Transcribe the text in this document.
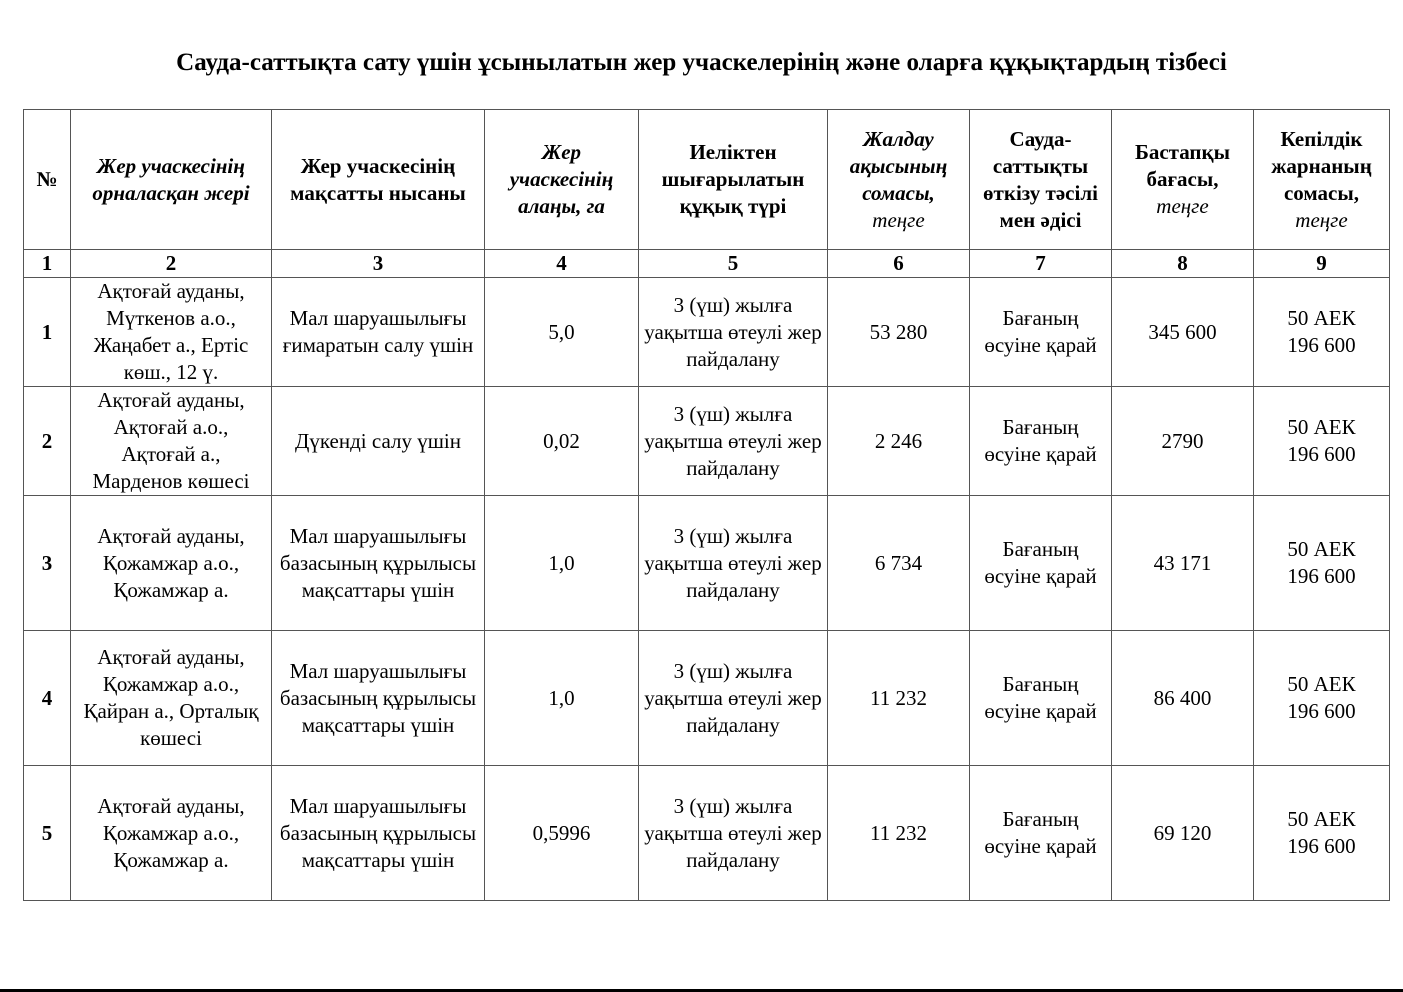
Сауда-саттықта сату үшін ұсынылатын жер учаскелерінің және оларға құқықтардың тізбесі
№	Жер учаскесінің орналасқан жері	Жер учаскесінің мақсатты нысаны	Жер учаскесінің алаңы, га	Иеліктен шығарылатын құқық түрі	Жалдау ақысының сомасы,
теңге	Сауда-саттықты өткізу тәсілі мен әдісі	Бастапқы бағасы,
теңге	Кепілдік жарнаның сомасы,
теңге

1	2	3	4	5	6	7	8	9
1	Ақтоғай ауданы, Мүткенов а.о., Жаңабет а., Ертіс көш., 12 ү.	Мал шаруашылығы ғимаратын салу үшін	5,0	3 (үш) жылға уақытша өтеулі жер пайдалану	53 280	Бағаның өсуіне қарай	345 600	50 АЕК
196 600

2	Ақтоғай ауданы, Ақтоғай а.о., Ақтоғай а., Марденов көшесі	Дүкенді салу үшін	0,02	3 (үш) жылға уақытша өтеулі жер пайдалану	2 246	Бағаның өсуіне қарай	2790	50 АЕК
196 600

3	Ақтоғай ауданы, Қожамжар а.о., Қожамжар а.	Мал шаруашылығы базасының құрылысы мақсаттары үшін	1,0	3 (үш) жылға уақытша өтеулі жер пайдалану	6 734	Бағаның өсуіне қарай	43 171	50 АЕК
196 600

4	Ақтоғай ауданы, Қожамжар а.о., Қайран а., Орталық көшесі	Мал шаруашылығы базасының құрылысы мақсаттары үшін	1,0	3 (үш) жылға уақытша өтеулі жер пайдалану	11 232	Бағаның өсуіне қарай	86 400	50 АЕК
196 600

5	Ақтоғай ауданы, Қожамжар а.о., Қожамжар а.	Мал шаруашылығы базасының құрылысы мақсаттары үшін	0,5996	3 (үш) жылға уақытша өтеулі жер пайдалану	11 232	Бағаның өсуіне қарай	69 120	50 АЕК
196 600
